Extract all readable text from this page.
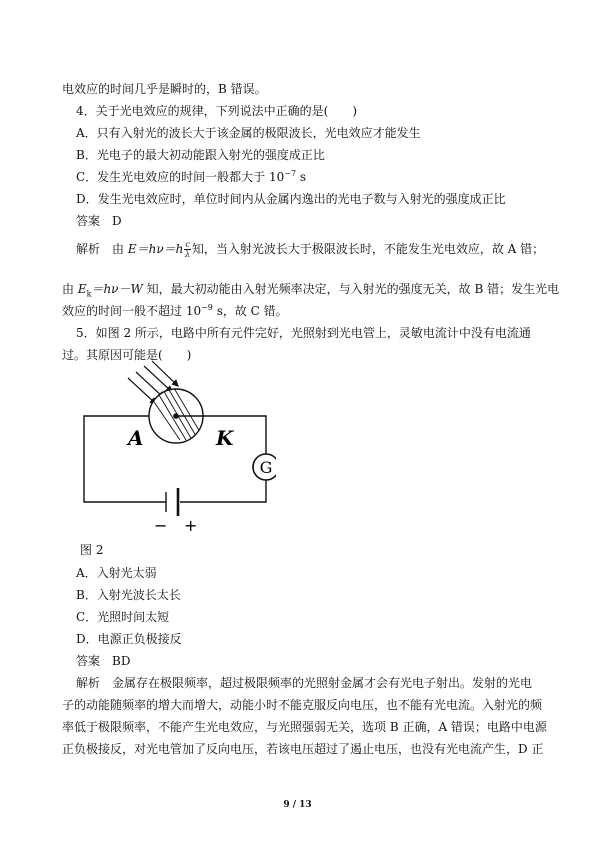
电效应的时间几乎是瞬时的，B 错误。
4．关于光电效应的规律，下列说法中正确的是(　　)
A．只有入射光的波长大于该金属的极限波长，光电效应才能发生
B．光电子的最大初动能跟入射光的强度成正比
C．发生光电效应的时间一般都大于 $10^{-7}$ s
D．发生光电效应时，单位时间内从金属内逸出的光电子数与入射光的强度成正比
答案　D
解析　由 $E=h\nu=h \frac{c}{\lambda}$ 知，当入射光波长大于极限波长时，不能发生光电效应，故 A 错；
由 $E_k=h\nu-W$ 知，最大初动能由入射光频率决定，与入射光的强度无关，故 B 错；发生光电
效应的时间一般不超过 $10^{-9}$ s，故 C 错。
5．如图 2 所示，电路中所有元件完好，光照射到光电管上，灵敏电流计中没有电流通
过。其原因可能是(　　)
A	K
G
− +
图 2
A．入射光太弱
B．入射光波长太长
C．光照时间太短
D．电源正负极接反
答案　BD
解析　金属存在极限频率，超过极限频率的光照射金属才会有光电子射出。发射的光电
子的动能随频率的增大而增大，动能小时不能克服反向电压，也不能有光电流。入射光的频
率低于极限频率，不能产生光电效应，与光照强弱无关，选项 B 正确，A 错误；电路中电源
正负极接反，对光电管加了反向电压，若该电压超过了遏止电压，也没有光电流产生，D 正
9 / 13
